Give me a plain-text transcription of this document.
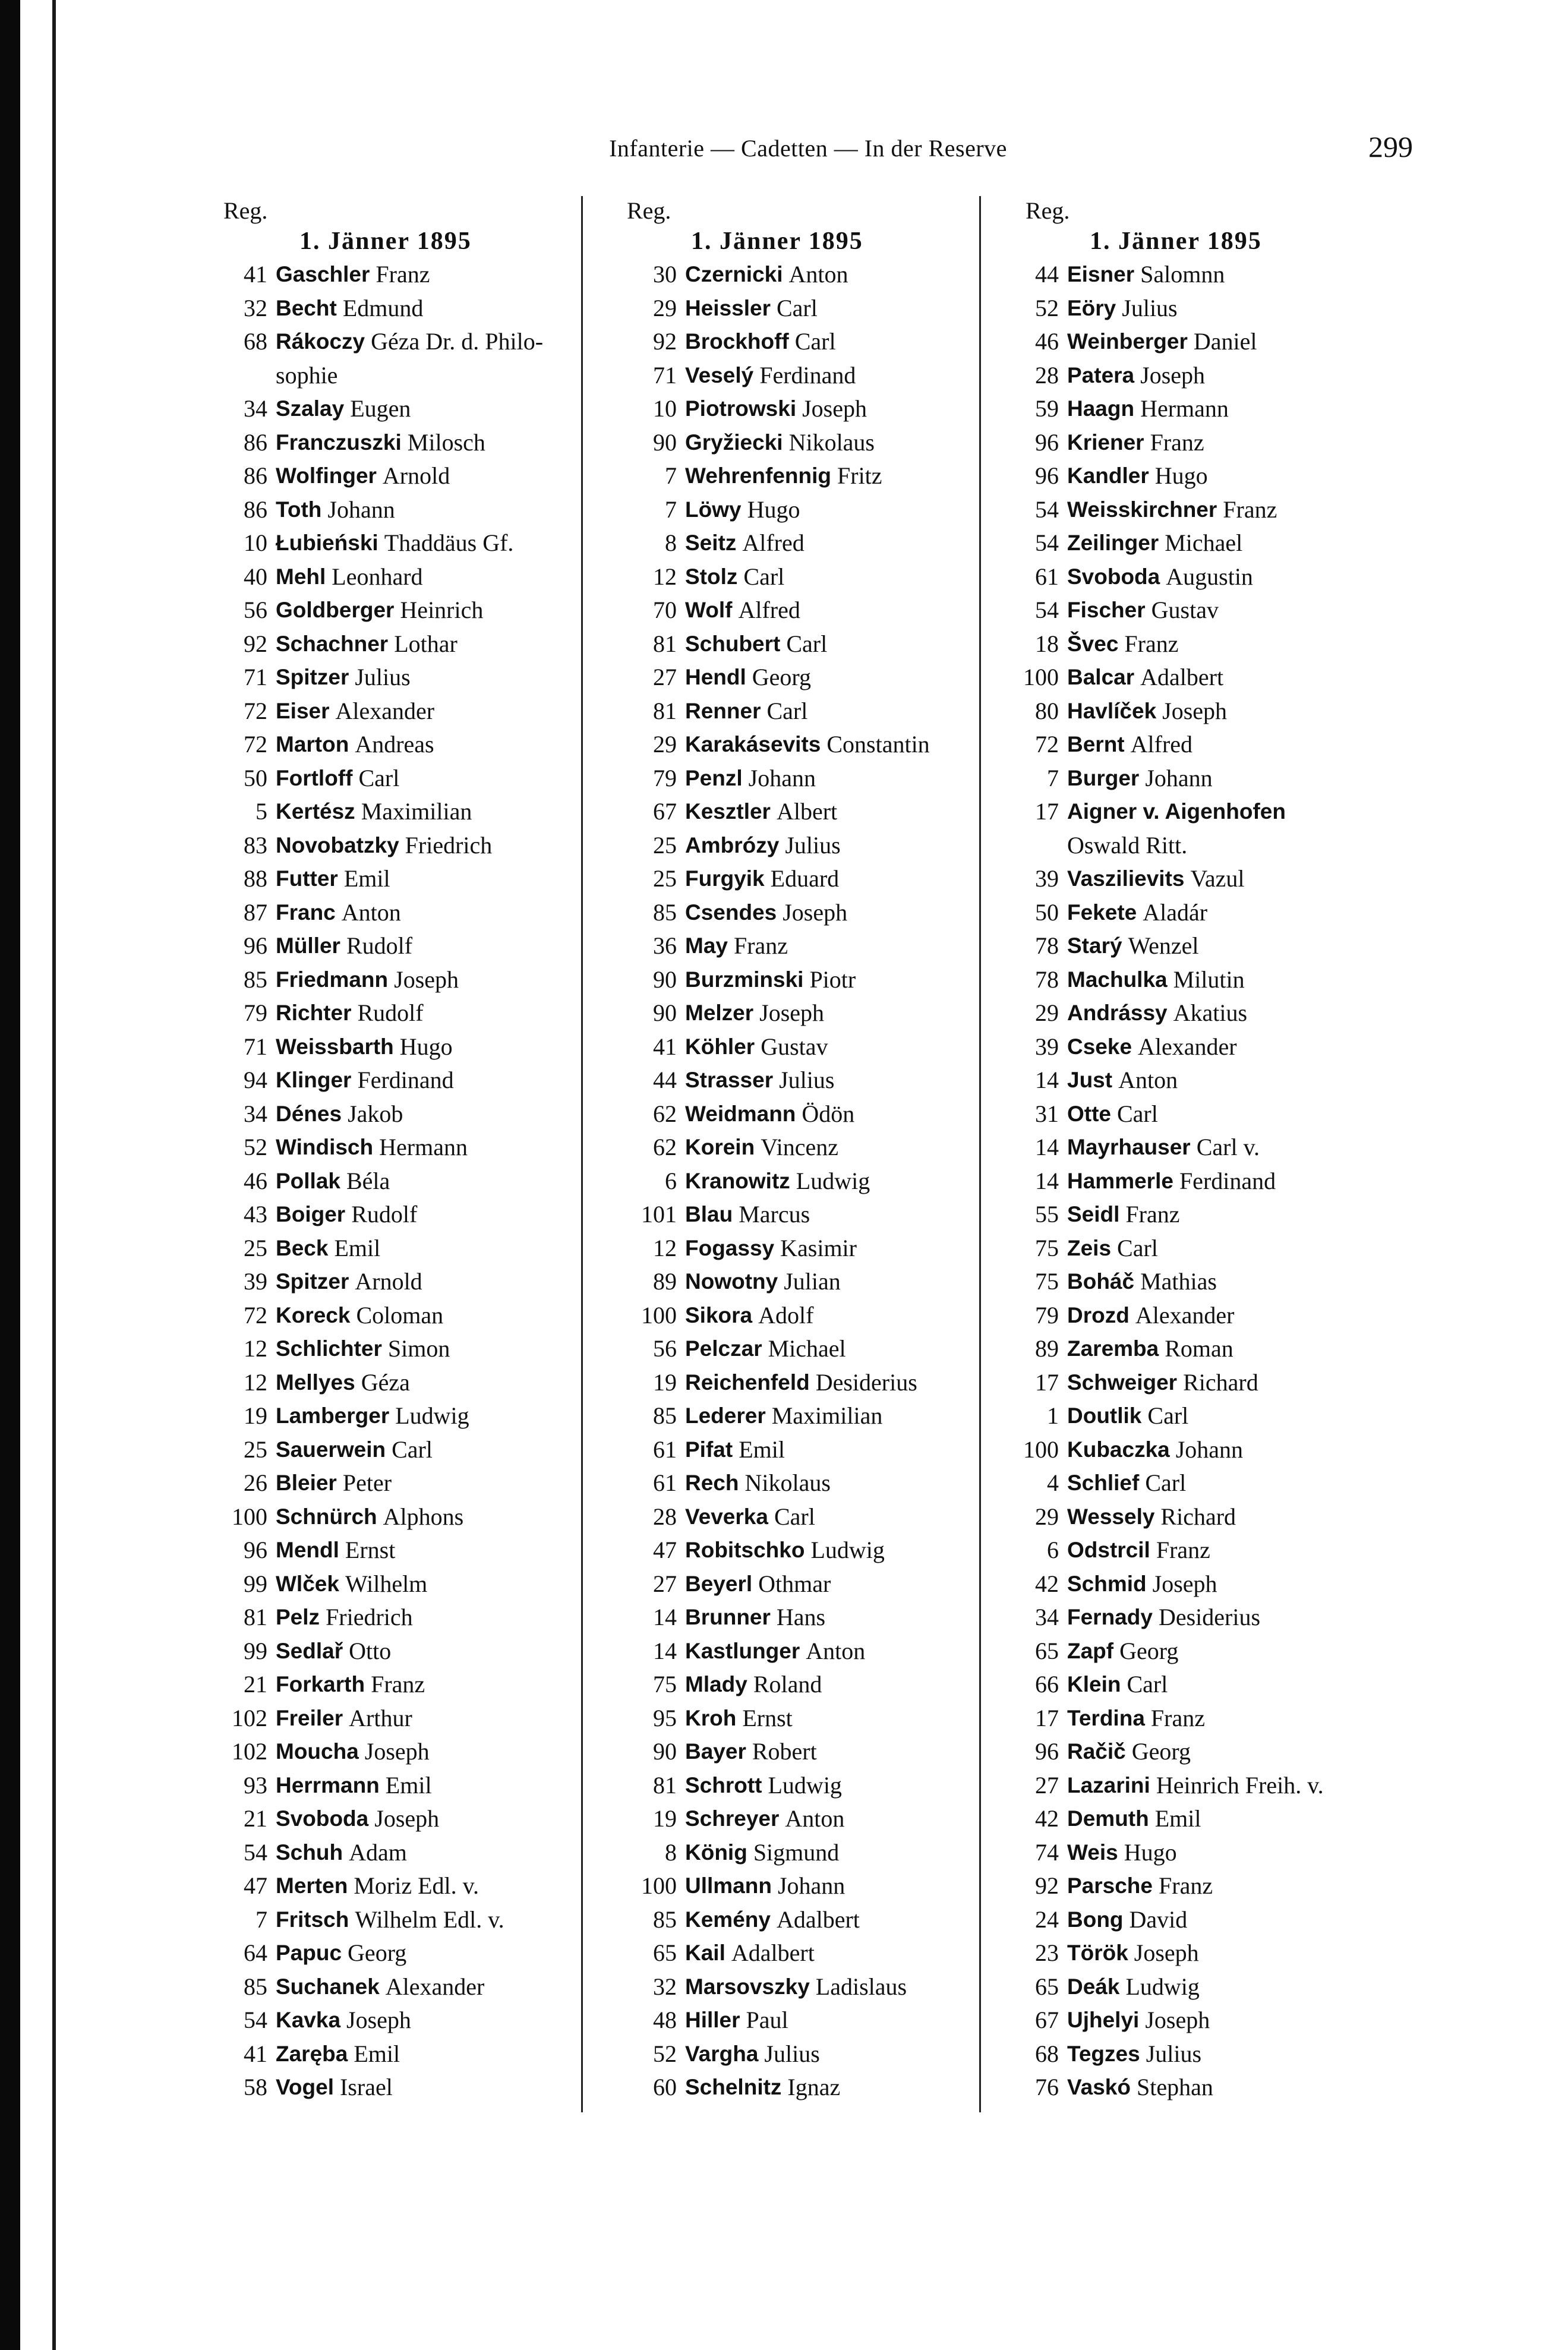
Infanterie — Cadetten — In der Reserve	299
Reg.
1. Jänner 1895
41 Gaschler Franz
32 Becht Edmund
68 Rákoczy Géza Dr. d. Philo-
sophie
34 Szalay Eugen
86 Franczuszki Milosch
86 Wolfinger Arnold
86 Toth Johann
10 Łubieński Thaddäus Gf.
40 Mehl Leonhard
56 Goldberger Heinrich
92 Schachner Lothar
71 Spitzer Julius
72 Eiser Alexander
72 Marton Andreas
50 Fortloff Carl
5 Kertész Maximilian
83 Novobatzky Friedrich
88 Futter Emil
87 Franc Anton
96 Müller Rudolf
85 Friedmann Joseph
79 Richter Rudolf
71 Weissbarth Hugo
94 Klinger Ferdinand
34 Dénes Jakob
52 Windisch Hermann
46 Pollak Béla
43 Boiger Rudolf
25 Beck Emil
39 Spitzer Arnold
72 Koreck Coloman
12 Schlichter Simon
12 Mellyes Géza
19 Lamberger Ludwig
25 Sauerwein Carl
26 Bleier Peter
100 Schnürch Alphons
96 Mendl Ernst
99 Wlček Wilhelm
81 Pelz Friedrich
99 Sedlař Otto
21 Forkarth Franz
102 Freiler Arthur
102 Moucha Joseph
93 Herrmann Emil
21 Svoboda Joseph
54 Schuh Adam
47 Merten Moriz Edl. v.
7 Fritsch Wilhelm Edl. v.
64 Papuc Georg
85 Suchanek Alexander
54 Kavka Joseph
41 Zaręba Emil
58 Vogel Israel
Reg.
1. Jänner 1895
30 Czernicki Anton
29 Heissler Carl
92 Brockhoff Carl
71 Veselý Ferdinand
10 Piotrowski Joseph
90 Gryžiecki Nikolaus
7 Wehrenfennig Fritz
7 Löwy Hugo
8 Seitz Alfred
12 Stolz Carl
70 Wolf Alfred
81 Schubert Carl
27 Hendl Georg
81 Renner Carl
29 Karakásevits Constantin
79 Penzl Johann
67 Kesztler Albert
25 Ambrózy Julius
25 Furgyik Eduard
85 Csendes Joseph
36 May Franz
90 Burzminski Piotr
90 Melzer Joseph
41 Köhler Gustav
44 Strasser Julius
62 Weidmann Ödön
62 Korein Vincenz
6 Kranowitz Ludwig
101 Blau Marcus
12 Fogassy Kasimir
89 Nowotny Julian
100 Sikora Adolf
56 Pelczar Michael
19 Reichenfeld Desiderius
85 Lederer Maximilian
61 Pifat Emil
61 Rech Nikolaus
28 Veverka Carl
47 Robitschko Ludwig
27 Beyerl Othmar
14 Brunner Hans
14 Kastlunger Anton
75 Mlady Roland
95 Kroh Ernst
90 Bayer Robert
81 Schrott Ludwig
19 Schreyer Anton
8 König Sigmund
100 Ullmann Johann
85 Kemény Adalbert
65 Kail Adalbert
32 Marsovszky Ladislaus
48 Hiller Paul
52 Vargha Julius
60 Schelnitz Ignaz
Reg.
1. Jänner 1895
44 Eisner Salomnn
52 Eöry Julius
46 Weinberger Daniel
28 Patera Joseph
59 Haagn Hermann
96 Kriener Franz
96 Kandler Hugo
54 Weisskirchner Franz
54 Zeilinger Michael
61 Svoboda Augustin
54 Fischer Gustav
18 Švec Franz
100 Balcar Adalbert
80 Havlíček Joseph
72 Bernt Alfred
7 Burger Johann
17 Aigner v. Aigenhofen
Oswald Ritt.
39 Vaszilievits Vazul
50 Fekete Aladár
78 Starý Wenzel
78 Machulka Milutin
29 Andrássy Akatius
39 Cseke Alexander
14 Just Anton
31 Otte Carl
14 Mayrhauser Carl v.
14 Hammerle Ferdinand
55 Seidl Franz
75 Zeis Carl
75 Boháč Mathias
79 Drozd Alexander
89 Zaremba Roman
17 Schweiger Richard
1 Doutlik Carl
100 Kubaczka Johann
4 Schlief Carl
29 Wessely Richard
6 Odstrcil Franz
42 Schmid Joseph
34 Fernady Desiderius
65 Zapf Georg
66 Klein Carl
17 Terdina Franz
96 Račič Georg
27 Lazarini Heinrich Freih. v.
42 Demuth Emil
74 Weis Hugo
92 Parsche Franz
24 Bong David
23 Török Joseph
65 Deák Ludwig
67 Ujhelyi Joseph
68 Tegzes Julius
76 Vaskó Stephan
